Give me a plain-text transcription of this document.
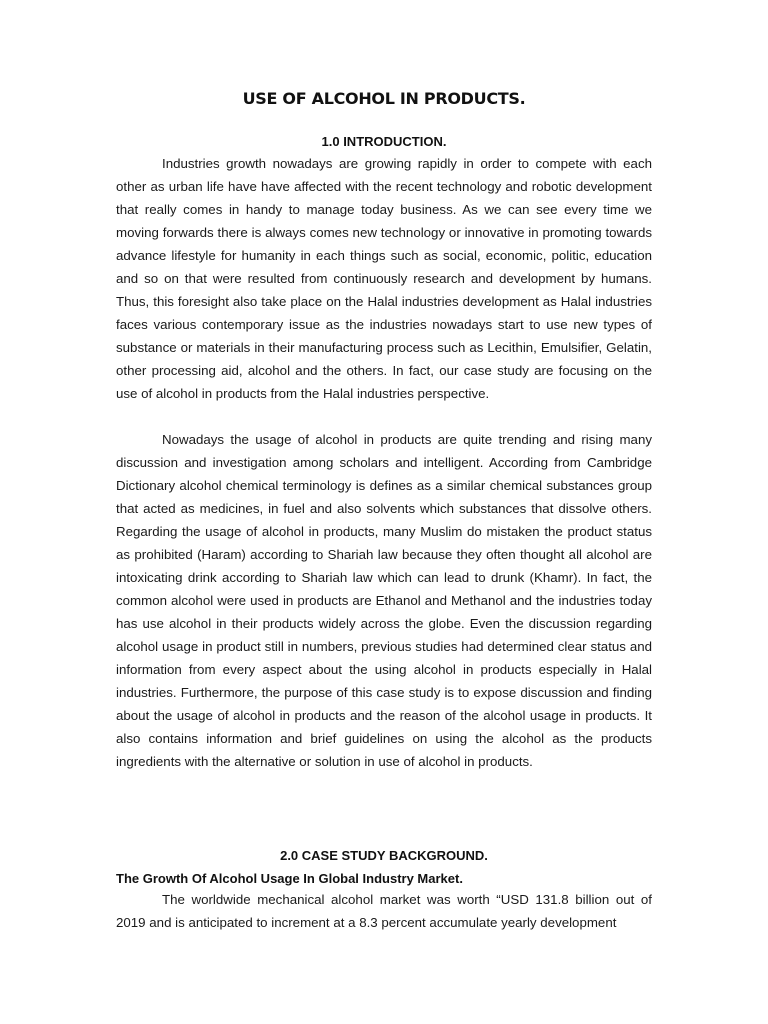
USE OF ALCOHOL IN PRODUCTS.
1.0 INTRODUCTION.

Industries growth nowadays are growing rapidly in order to compete with each other as urban life have have affected with the recent technology and robotic development that really comes in handy to manage today business. As we can see every time we moving forwards there is always comes new technology or innovative in promoting towards advance lifestyle for humanity in each things such as social, economic, politic, education and so on that were resulted from continuously research and development by humans. Thus, this foresight also take place on the Halal industries development as Halal industries faces various contemporary issue as the industries nowadays start to use new types of substance or materials in their manufacturing process such as Lecithin, Emulsifier, Gelatin, other processing aid, alcohol and the others. In fact, our case study are focusing on the use of alcohol in products from the Halal industries perspective.

Nowadays the usage of alcohol in products are quite trending and rising many discussion and investigation among scholars and intelligent. According from Cambridge Dictionary alcohol chemical terminology is defines as a similar chemical substances group that acted as medicines, in fuel and also solvents which substances that dissolve others. Regarding the usage of alcohol in products, many Muslim do mistaken the product status as prohibited (Haram) according to Shariah law because they often thought all alcohol are intoxicating drink according to Shariah law which can lead to drunk (Khamr). In fact, the common alcohol were used in products are Ethanol and Methanol and the industries today has use alcohol in their products widely across the globe. Even the discussion regarding alcohol usage in product still in numbers, previous studies had determined clear status and information from every aspect about the using alcohol in products especially in Halal industries. Furthermore, the purpose of this case study is to expose discussion and finding about the usage of alcohol in products and the reason of the alcohol usage in products. It also contains information and brief guidelines on using the alcohol as the products ingredients with the alternative or solution in use of alcohol in products.

2.0 CASE STUDY BACKGROUND.
The Growth Of Alcohol Usage In Global Industry Market.

The worldwide mechanical alcohol market was worth “USD 131.8 billion out of 2019 and is anticipated to increment at a 8.3 percent accumulate yearly development
